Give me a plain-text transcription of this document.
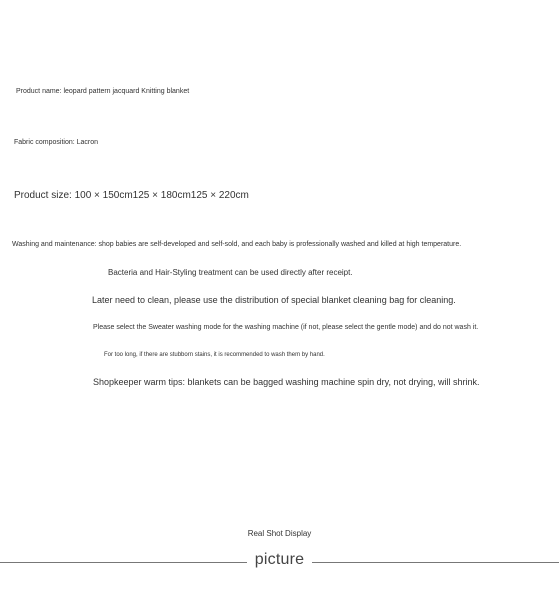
Product name: leopard pattern jacquard Knitting blanket
Fabric composition: Lacron
Product size: 100 × 150cm125 × 180cm125 × 220cm
Washing and maintenance: shop babies are self-developed and self-sold, and each baby is professionally washed and killed at high temperature.
Bacteria and Hair-Styling treatment can be used directly after receipt.
Later need to clean, please use the distribution of special blanket cleaning bag for cleaning.
Please select the Sweater washing mode for the washing machine (if not, please select the gentle mode) and do not wash it.
For too long, if there are stubborn stains, it is recommended to wash them by hand.
Shopkeeper warm tips: blankets can be bagged washing machine spin dry, not drying, will shrink.
Real Shot Display
picture
